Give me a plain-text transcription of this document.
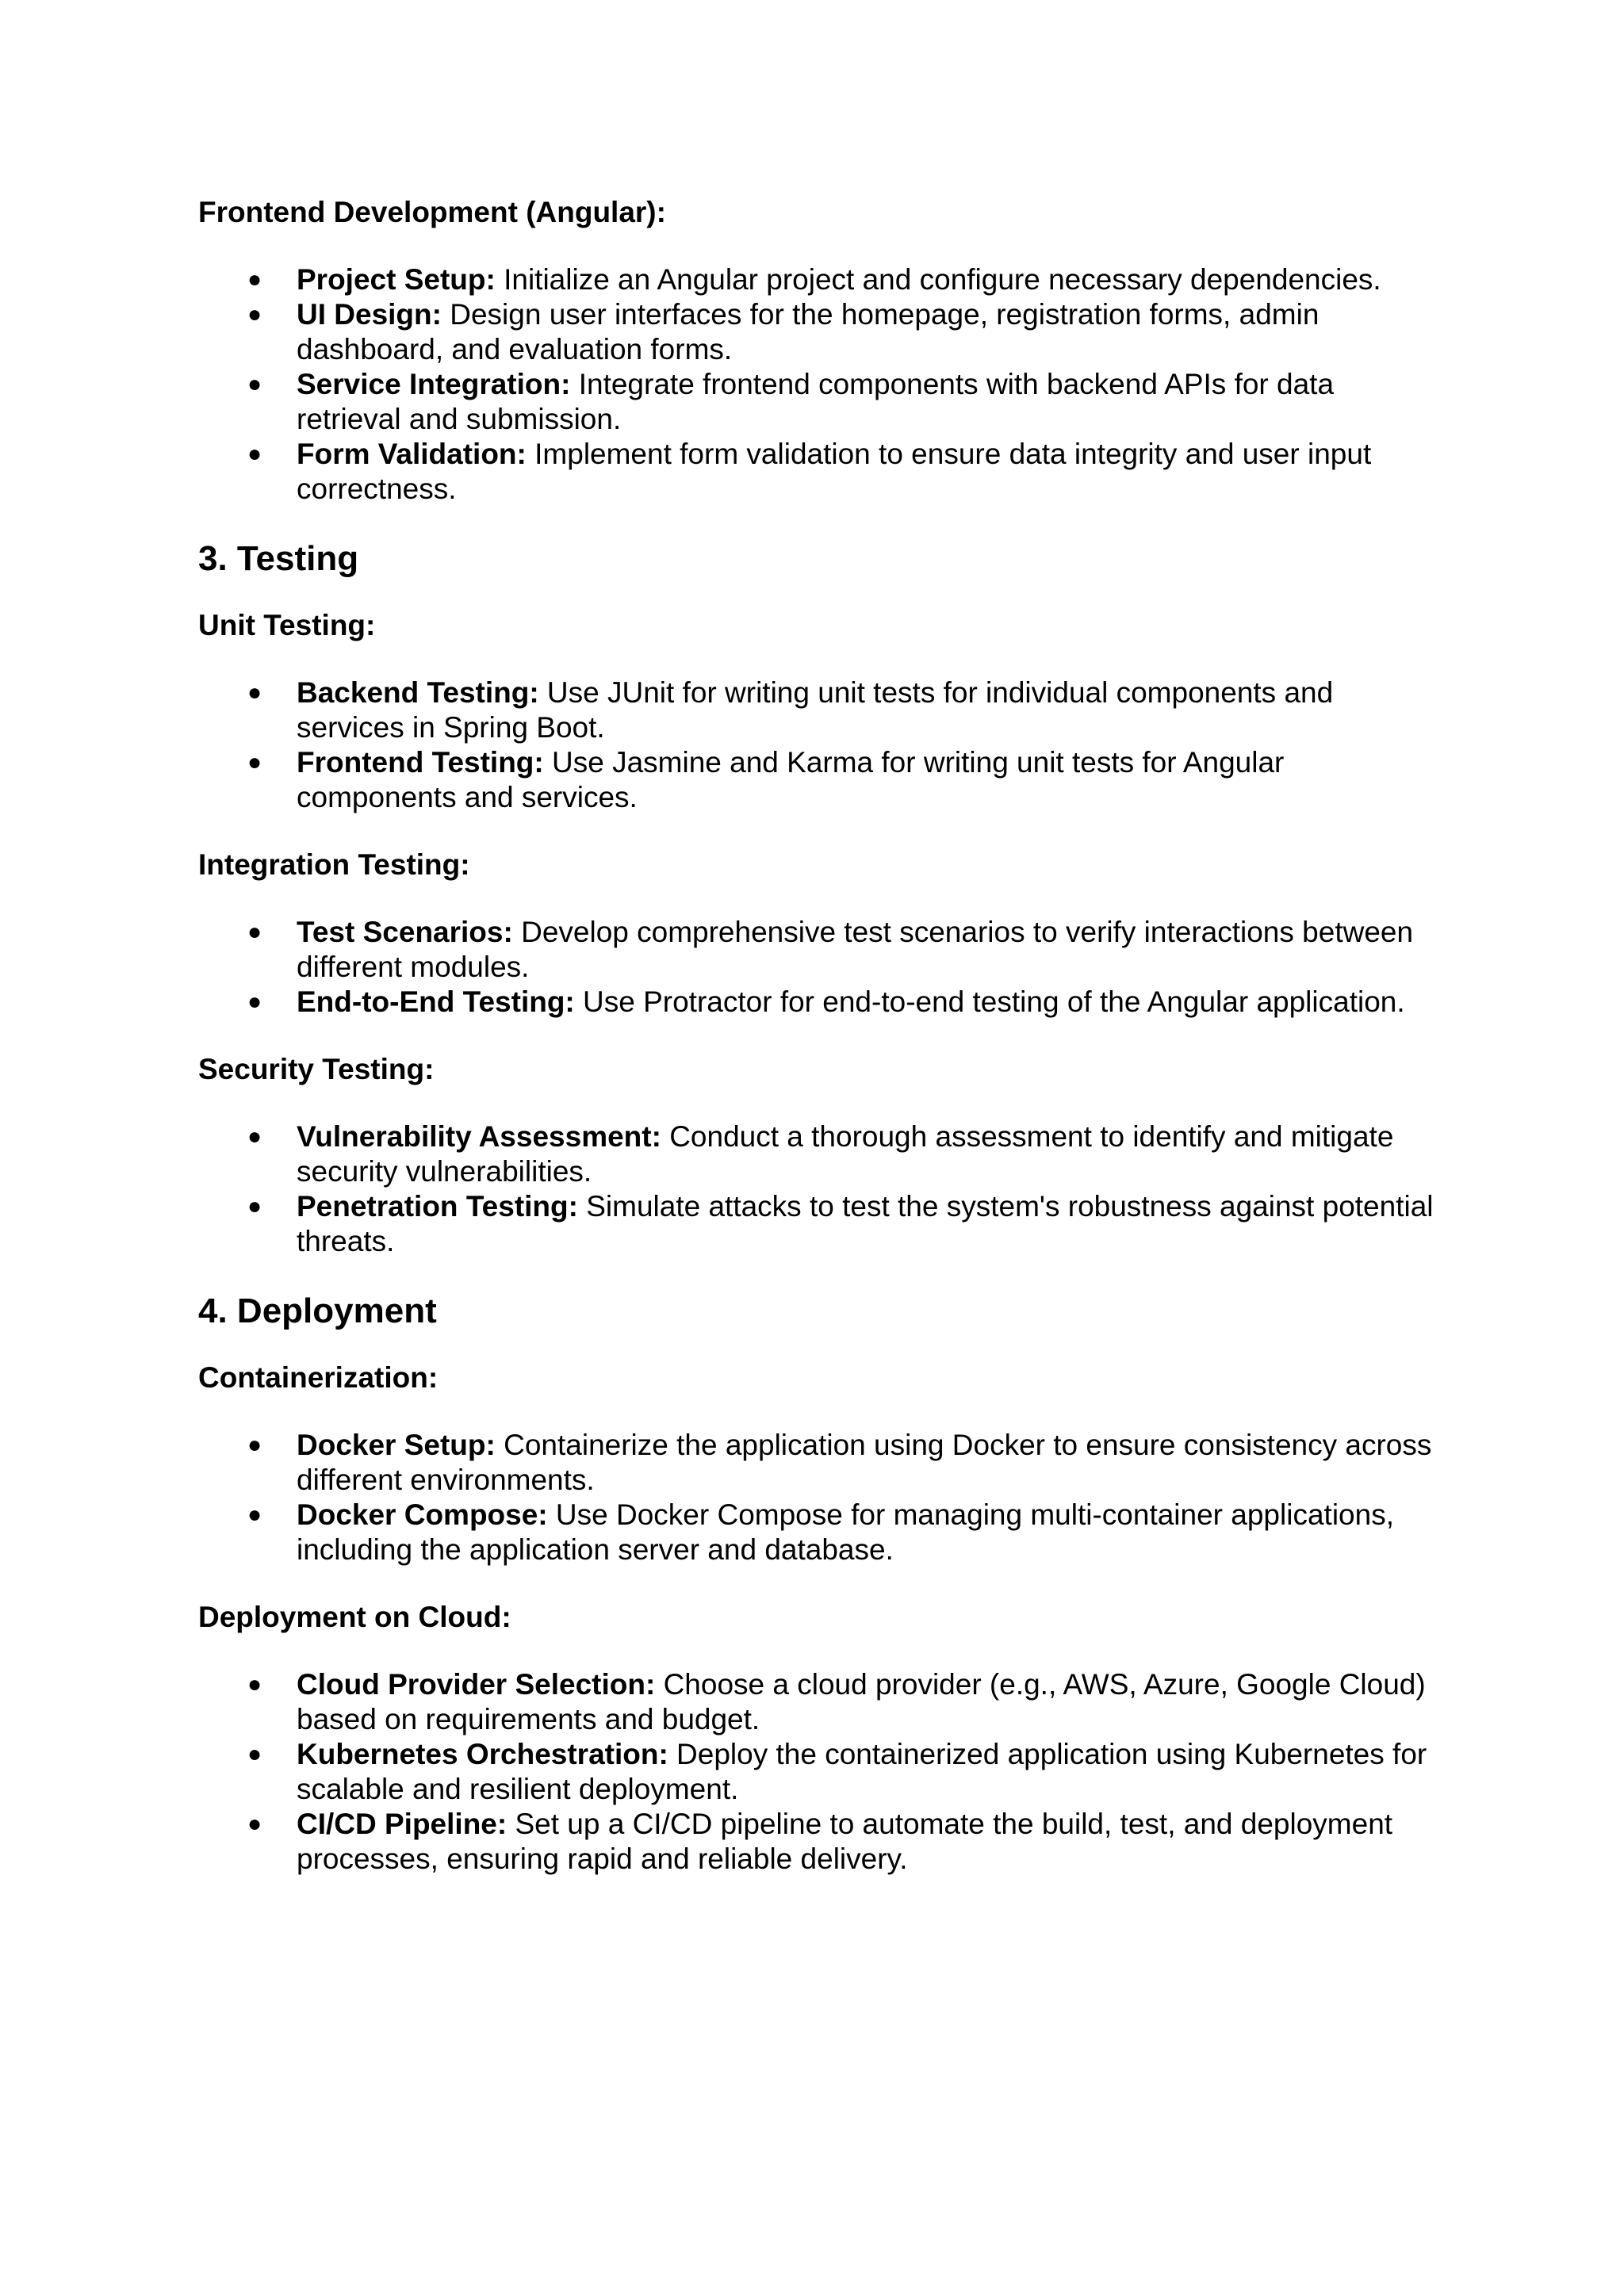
Frontend Development (Angular):

● Project Setup: Initialize an Angular project and configure necessary dependencies.
● UI Design: Design user interfaces for the homepage, registration forms, admin dashboard, and evaluation forms.
● Service Integration: Integrate frontend components with backend APIs for data retrieval and submission.
● Form Validation: Implement form validation to ensure data integrity and user input correctness.
3. Testing

Unit Testing:

● Backend Testing: Use JUnit for writing unit tests for individual components and services in Spring Boot.
● Frontend Testing: Use Jasmine and Karma for writing unit tests for Angular components and services.

Integration Testing:

● Test Scenarios: Develop comprehensive test scenarios to verify interactions between different modules.
● End-to-End Testing: Use Protractor for end-to-end testing of the Angular application.

Security Testing:

● Vulnerability Assessment: Conduct a thorough assessment to identify and mitigate security vulnerabilities.
● Penetration Testing: Simulate attacks to test the system's robustness against potential threats.
4. Deployment

Containerization:

● Docker Setup: Containerize the application using Docker to ensure consistency across different environments.
● Docker Compose: Use Docker Compose for managing multi-container applications, including the application server and database.

Deployment on Cloud:

● Cloud Provider Selection: Choose a cloud provider (e.g., AWS, Azure, Google Cloud) based on requirements and budget.
● Kubernetes Orchestration: Deploy the containerized application using Kubernetes for scalable and resilient deployment.
● CI/CD Pipeline: Set up a CI/CD pipeline to automate the build, test, and deployment processes, ensuring rapid and reliable delivery.
